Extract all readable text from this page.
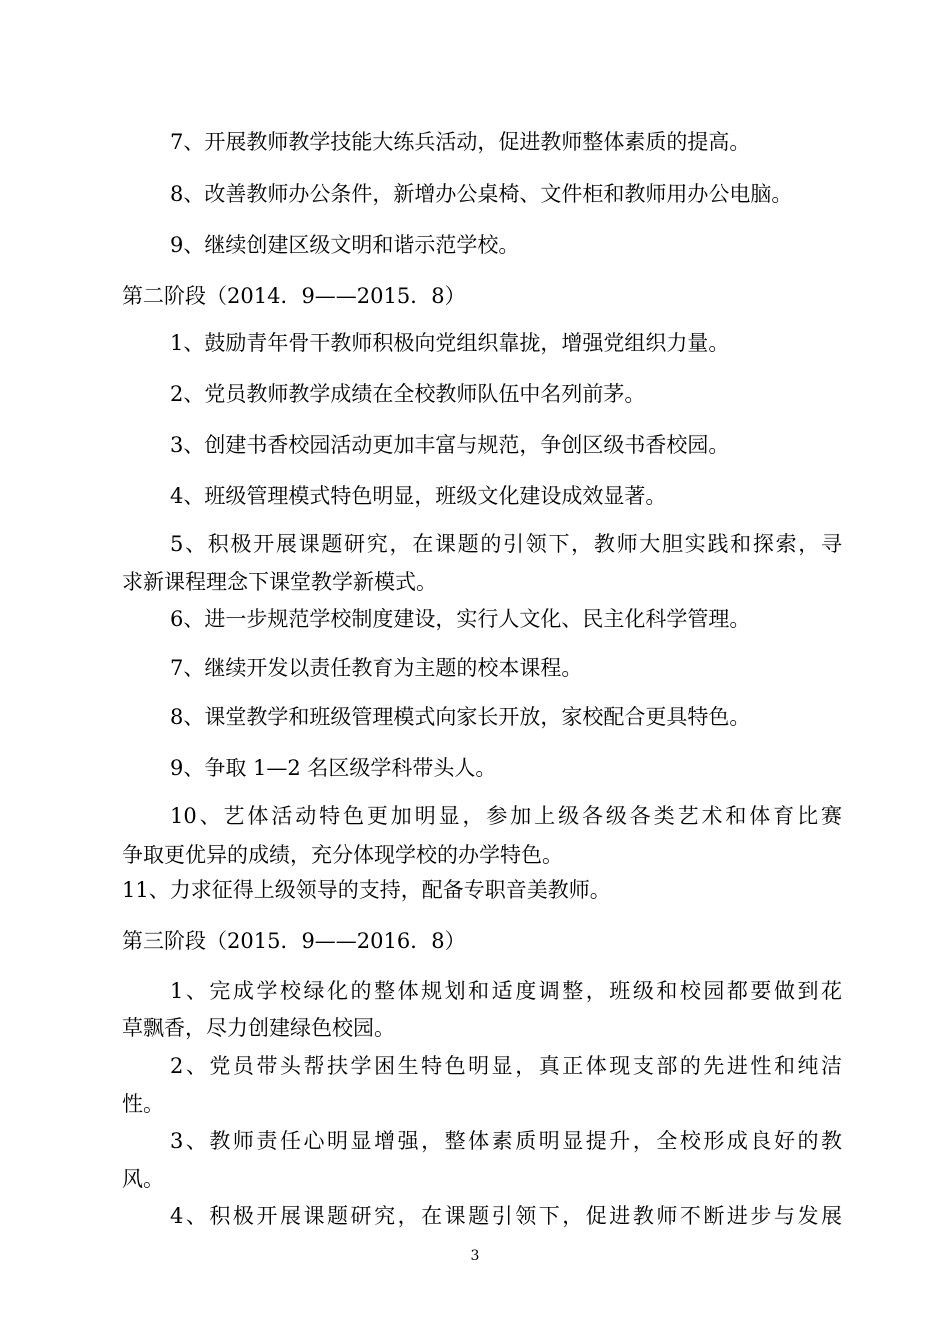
7、开展教师教学技能大练兵活动，促进教师整体素质的提高。
8、改善教师办公条件，新增办公桌椅、文件柜和教师用办公电脑。
9、继续创建区级文明和谐示范学校。
第二阶段（2014．9——2015．8）
1、鼓励青年骨干教师积极向党组织靠拢，增强党组织力量。
2、党员教师教学成绩在全校教师队伍中名列前茅。
3、创建书香校园活动更加丰富与规范，争创区级书香校园。
4、班级管理模式特色明显，班级文化建设成效显著。
5、积极开展课题研究，在课题的引领下，教师大胆实践和探索，寻
求新课程理念下课堂教学新模式。
6、进一步规范学校制度建设，实行人文化、民主化科学管理。
7、继续开发以责任教育为主题的校本课程。
8、课堂教学和班级管理模式向家长开放，家校配合更具特色。
9、争取 1—2 名区级学科带头人。
10、艺体活动特色更加明显，参加上级各级各类艺术和体育比赛
争取更优异的成绩，充分体现学校的办学特色。
11、力求征得上级领导的支持，配备专职音美教师。
第三阶段（2015．9——2016．8）
1、完成学校绿化的整体规划和适度调整，班级和校园都要做到花
草飘香，尽力创建绿色校园。
2、党员带头帮扶学困生特色明显，真正体现支部的先进性和纯洁
性。
3、教师责任心明显增强，整体素质明显提升，全校形成良好的教
风。
4、积极开展课题研究，在课题引领下，促进教师不断进步与发展
3
